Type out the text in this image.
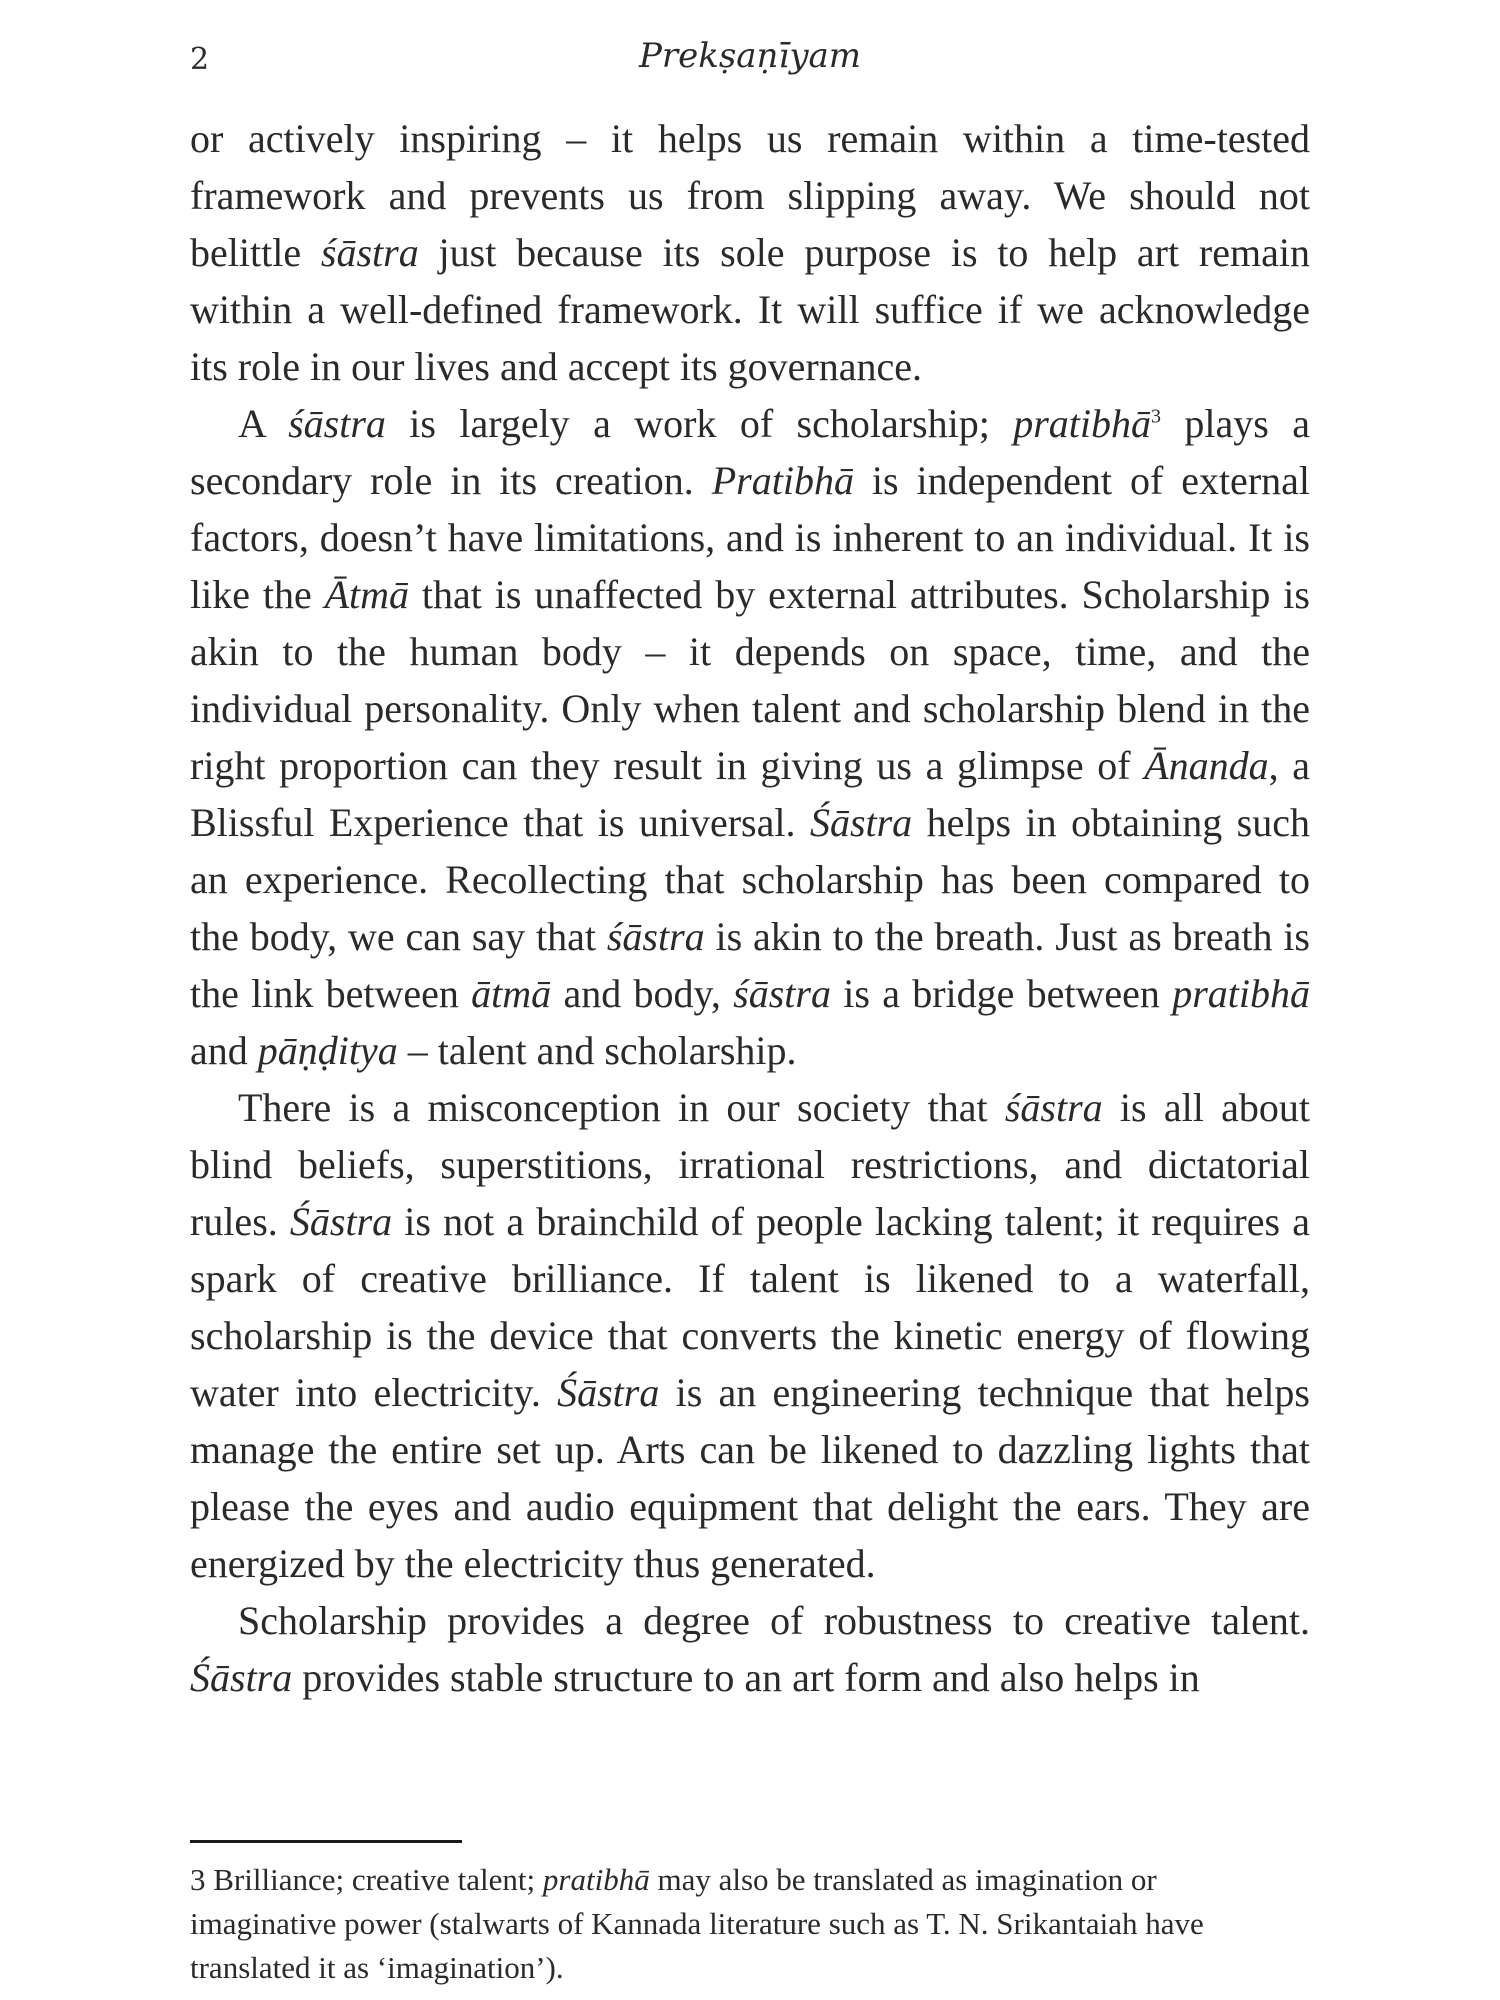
2	Prekṣaṇīyam

or actively inspiring – it helps us remain within a time-tested framework and prevents us from slipping away. We should not belittle śāstra just because its sole purpose is to help art remain within a well-defined framework. It will suffice if we acknowledge its role in our lives and accept its governance.

A śāstra is largely a work of scholarship; pratibhā$^3$ plays a secondary role in its creation. Pratibhā is independent of external factors, doesn’t have limitations, and is inherent to an individual. It is like the Ātmā that is unaffected by external attributes. Scholarship is akin to the human body – it depends on space, time, and the individual personality. Only when talent and scholarship blend in the right proportion can they result in giving us a glimpse of Ānanda, a Blissful Experience that is universal. Śāstra helps in obtaining such an experience. Recollecting that scholarship has been compared to the body, we can say that śāstra is akin to the breath. Just as breath is the link between ātmā and body, śāstra is a bridge between pratibhā and pāṇḍitya – talent and scholarship.

There is a misconception in our society that śāstra is all about blind beliefs, superstitions, irrational restrictions, and dictatorial rules. Śāstra is not a brainchild of people lacking talent; it requires a spark of creative brilliance. If talent is likened to a waterfall, scholarship is the device that converts the kinetic energy of flowing water into electricity. Śāstra is an engineering technique that helps manage the entire set up. Arts can be likened to dazzling lights that please the eyes and audio equipment that delight the ears. They are energized by the electricity thus generated.

Scholarship provides a degree of robustness to creative talent. Śāstra provides stable structure to an art form and also helps in

3 Brilliance; creative talent; pratibhā may also be translated as imagination or imaginative power (stalwarts of Kannada literature such as T. N. Srikantaiah have translated it as ‘imagination’).
